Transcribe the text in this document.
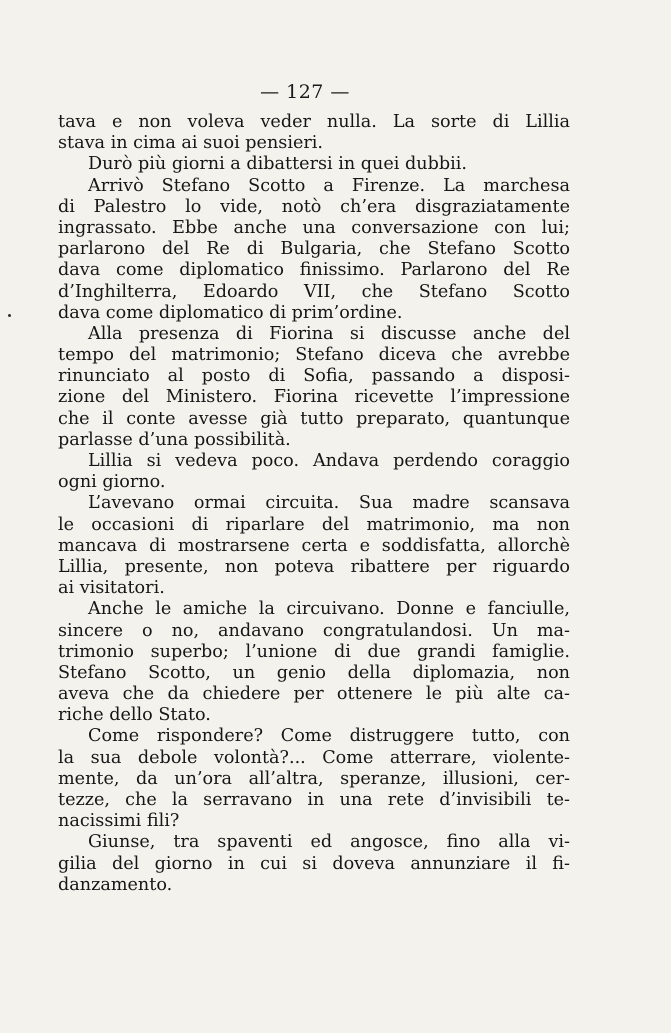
— 127 —
tava e non voleva veder nulla. La sorte di Lillia
stava in cima ai suoi pensieri.
Durò più giorni a dibattersi in quei dubbii.
Arrivò Stefano Scotto a Firenze. La marchesa
di Palestro lo vide, notò ch’era disgraziatamente
ingrassato. Ebbe anche una conversazione con lui;
parlarono del Re di Bulgaria, che Stefano Scotto
dava come diplomatico finissimo. Parlarono del Re
d’Inghilterra, Edoardo VII, che Stefano Scotto
dava come diplomatico di prim’ordine.
Alla presenza di Fiorina si discusse anche del
tempo del matrimonio; Stefano diceva che avrebbe
rinunciato al posto di Sofia, passando a disposi-
zione del Ministero. Fiorina ricevette l’impressione
che il conte avesse già tutto preparato, quantunque
parlasse d’una possibilità.
Lillia si vedeva poco. Andava perdendo coraggio
ogni giorno.
L’avevano ormai circuita. Sua madre scansava
le occasioni di riparlare del matrimonio, ma non
mancava di mostrarsene certa e soddisfatta, allorchè
Lillia, presente, non poteva ribattere per riguardo
ai visitatori.
Anche le amiche la circuivano. Donne e fanciulle,
sincere o no, andavano congratulandosi. Un ma-
trimonio superbo; l’unione di due grandi famiglie.
Stefano Scotto, un genio della diplomazia, non
aveva che da chiedere per ottenere le più alte ca-
riche dello Stato.
Come rispondere? Come distruggere tutto, con
la sua debole volontà?... Come atterrare, violente-
mente, da un’ora all’altra, speranze, illusioni, cer-
tezze, che la serravano in una rete d’invisibili te-
nacissimi fili?
Giunse, tra spaventi ed angosce, fino alla vi-
gilia del giorno in cui si doveva annunziare il fi-
danzamento.
